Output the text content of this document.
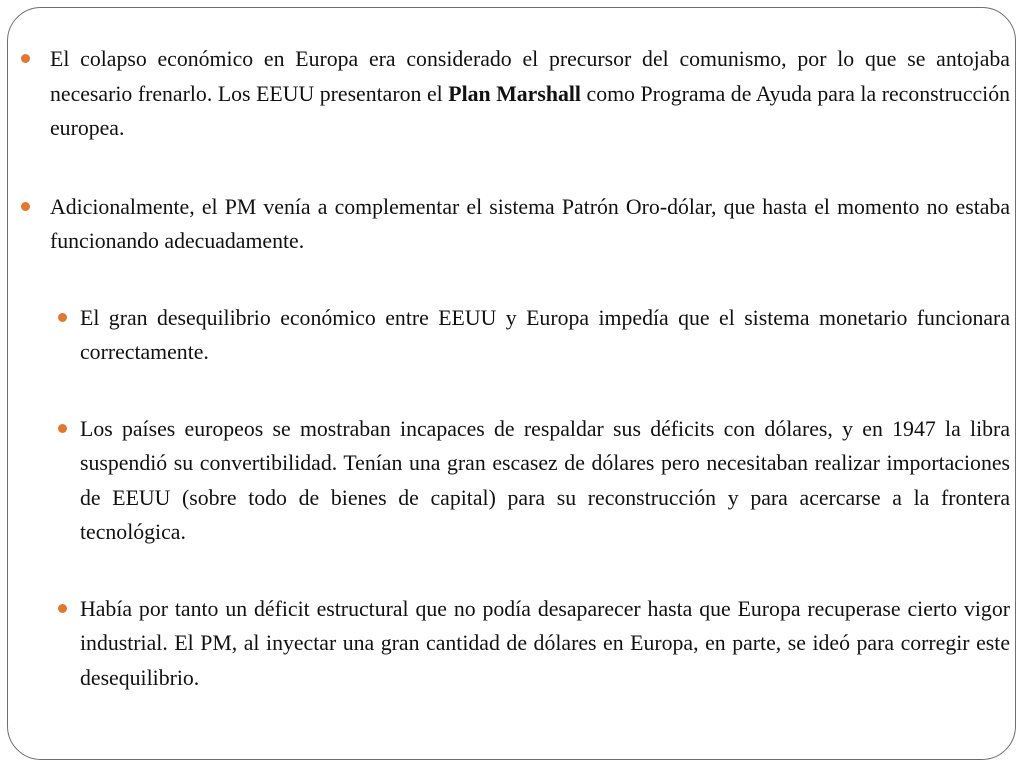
El colapso económico en Europa era considerado el precursor del comunismo, por lo que se antojaba necesario frenarlo. Los EEUU presentaron el Plan Marshall como Programa de Ayuda para la reconstrucción europea.

Adicionalmente, el PM venía a complementar el sistema Patrón Oro-dólar, que hasta el momento no estaba funcionando adecuadamente.

El gran desequilibrio económico entre EEUU y Europa impedía que el sistema monetario funcionara correctamente.

Los países europeos se mostraban incapaces de respaldar sus déficits con dólares, y en 1947 la libra suspendió su convertibilidad. Tenían una gran escasez de dólares pero necesitaban realizar importaciones de EEUU (sobre todo de bienes de capital) para su reconstrucción y para acercarse a la frontera tecnológica.

Había por tanto un déficit estructural que no podía desaparecer hasta que Europa recuperase cierto vigor industrial. El PM, al inyectar una gran cantidad de dólares en Europa, en parte, se ideó para corregir este desequilibrio.
